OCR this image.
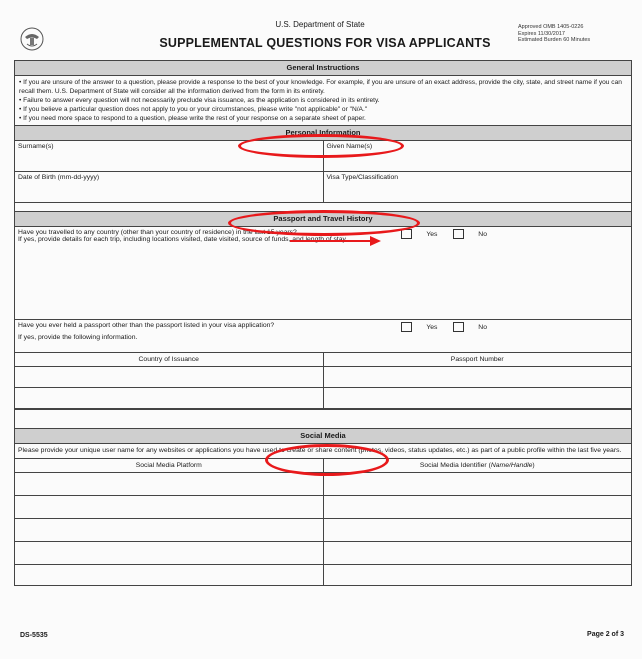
U.S. Department of State
SUPPLEMENTAL QUESTIONS FOR VISA APPLICANTS
Approved OMB 1405-0226
Expires 11/30/2017
Estimated Burden 60 Minutes
General Instructions
• If you are unsure of the answer to a question, please provide a response to the best of your knowledge. For example, if you are unsure of an exact address, provide the city, state, and street name if you can recall them. U.S. Department of State will consider all the information derived from the form in its entirety.
• Failure to answer every question will not necessarily preclude visa issuance, as the application is considered in its entirety.
• If you believe a particular question does not apply to you or your circumstances, please write "not applicable" or "N/A."
• If you need more space to respond to a question, please write the rest of your response on a separate sheet of paper.
Personal Information
Surname(s)	Given Name(s)
Date of Birth (mm-dd-yyyy)	Visa Type/Classification
Passport and Travel History
Have you travelled to any country (other than your country of residence) in the last 15 years?
If yes, provide details for each trip, including locations visited, date visited, source of funds, and length of stay.
Yes	No
Have you ever held a passport other than the passport listed in your visa application?
If yes, provide the following information.
Yes	No
Country of Issuance	Passport Number
Social Media
Please provide your unique user name for any websites or applications you have used to create or share content (photos, videos, status updates, etc.) as part of a public profile within the last five years.
Social Media Platform	Social Media Identifier (Name/Handle)
DS-5535	Page 2 of 3
